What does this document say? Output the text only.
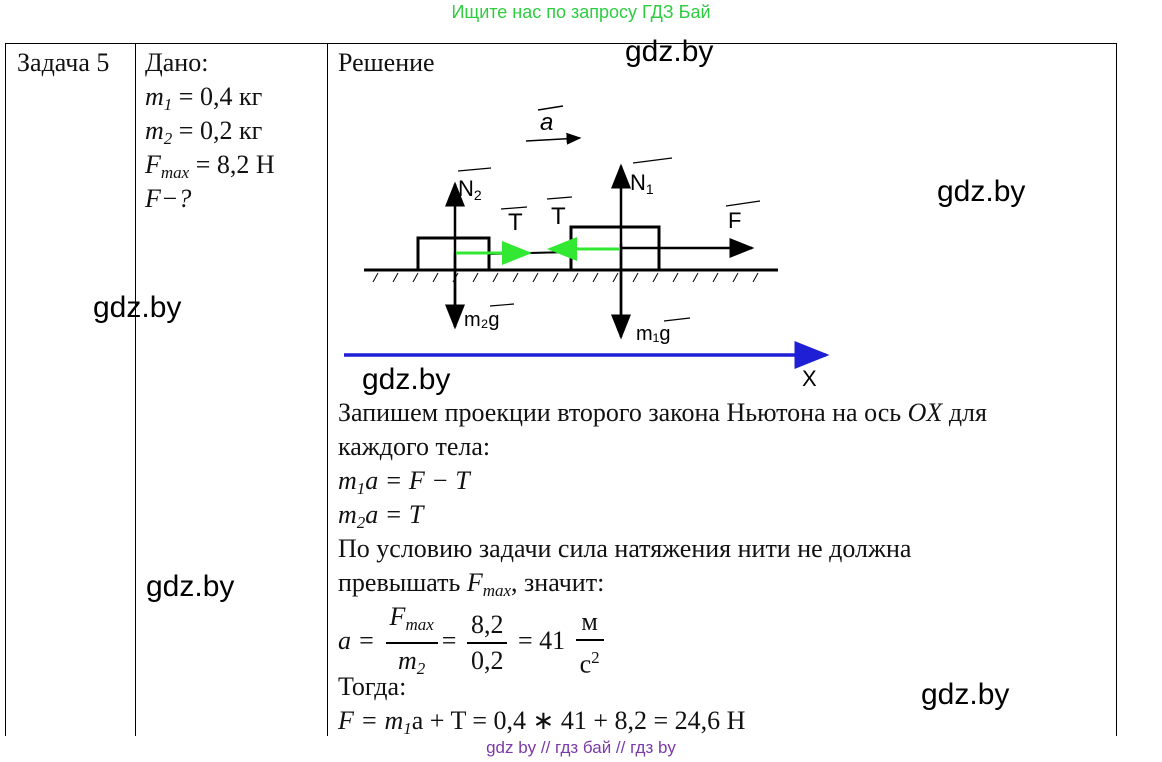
Ищите нас по запросу ГДЗ Бай
Задача 5 Дано:
$m_1 = 0,4$ кг
$m_2 = 0,2$ кг
$F_{max} = 8,2$ Н
F−?
Решение
a
N2	N1
T T	F
m₂g
m₁g
X
Запишем проекции второго закона Ньютона на ось OX для
каждого тела:
$m_1a = F - T$
$m_2a = T$
По условию задачи сила натяжения нити не должна
превышать $F_{max}$, значит:
$a = \frac{F_{max}}{m_2} = \frac{8,2}{0,2} = 41 \frac{м}{с^2}$
Тогда:
$F = m_1a + T = 0,4$ ∗ 41 + 8,2 = 24,6 Н
gdz.by
gdz.by
gdz.by
gdz.by
gdz.by
gdz.by
gdz by // гдз бай // гдз by
